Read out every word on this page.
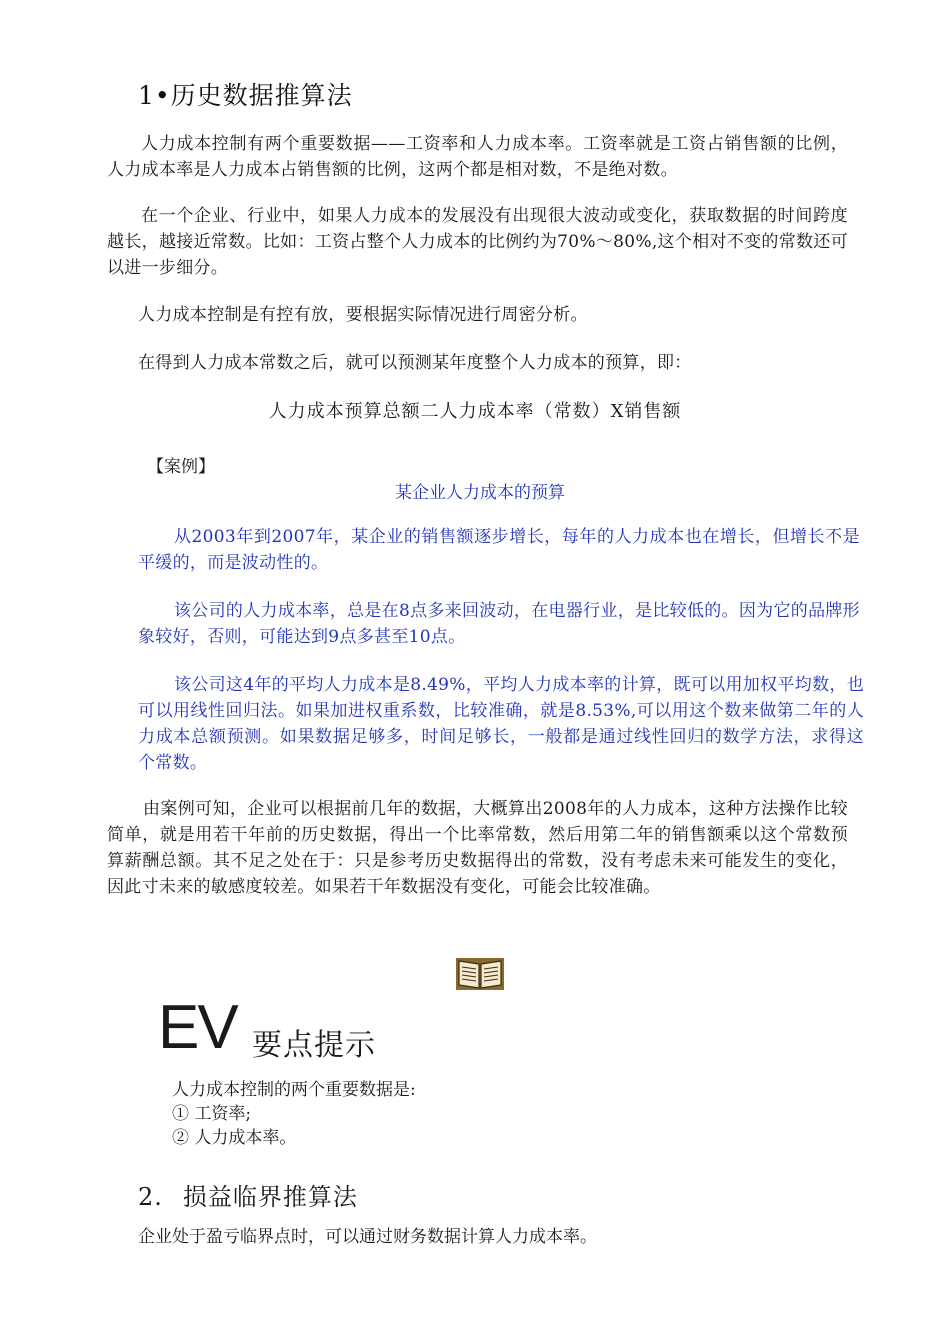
1•历史数据推算法
人力成本控制有两个重要数据——工资率和人力成本率。工资率就是工资占销售额的比例，人力成本率是人力成本占销售额的比例，这两个都是相对数，不是绝对数。
在一个企业、行业中，如果人力成本的发展没有出现很大波动或变化，获取数据的时间跨度越长，越接近常数。比如：工资占整个人力成本的比例约为70%〜80%,这个相对不变的常数还可以进一步细分。
人力成本控制是有控有放，要根据实际情况进行周密分析。
在得到人力成本常数之后，就可以预测某年度整个人力成本的预算，即：
人力成本预算总额二人力成本率（常数）X销售额
【案例】
某企业人力成本的预算
从2003年到2007年，某企业的销售额逐步增长，每年的人力成本也在增长，但增长不是平缓的，而是波动性的。
该公司的人力成本率，总是在8点多来回波动，在电器行业，是比较低的。因为它的品牌形象较好，否则，可能达到9点多甚至10点。
该公司这4年的平均人力成本是8.49%，平均人力成本率的计算，既可以用加权平均数，也可以用线性回归法。如果加进权重系数，比较准确，就是8.53%,可以用这个数来做第二年的人力成本总额预测。如果数据足够多，时间足够长，一般都是通过线性回归的数学方法，求得这个常数。
由案例可知，企业可以根据前几年的数据，大概算出2008年的人力成本，这种方法操作比较简单，就是用若干年前的历史数据，得出一个比率常数，然后用第二年的销售额乘以这个常数预算薪酬总额。其不足之处在于：只是参考历史数据得出的常数，没有考虑未来可能发生的变化，因此寸未来的敏感度较差。如果若干年数据没有变化，可能会比较准确。
EV 要点提示
人力成本控制的两个重要数据是:
① 工资率;
② 人力成本率。
2. 损益临界推算法
企业处于盈亏临界点时，可以通过财务数据计算人力成本率。
